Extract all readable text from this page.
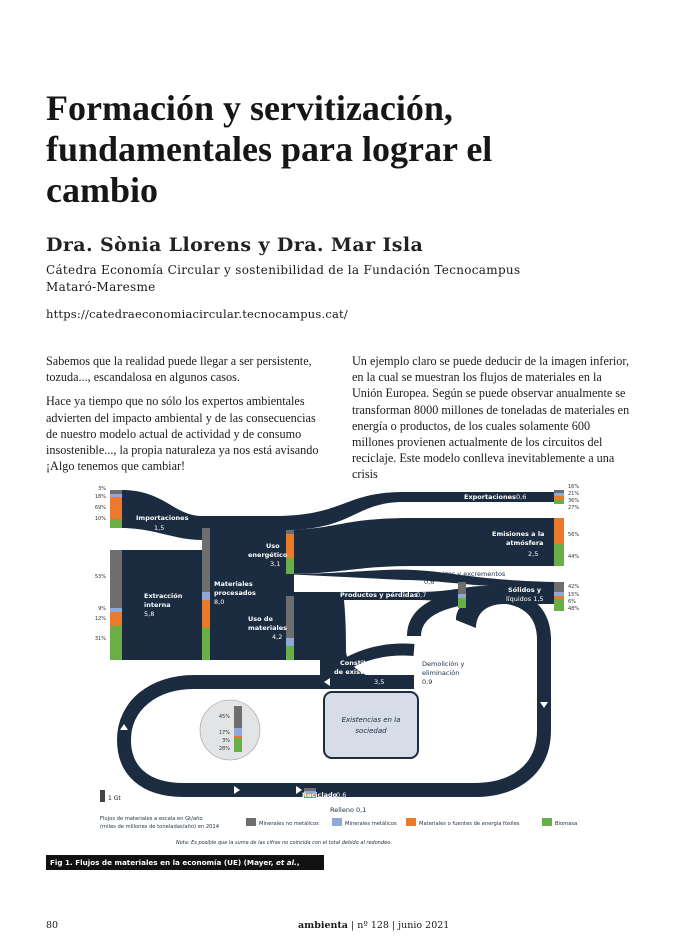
Formación y servitización, fundamentales para lograr el cambio
Dra. Sònia Llorens y Dra. Mar Isla

Cátedra Economía Circular y sostenibilidad de la Fundación Tecnocampus Mataró-Maresme

https://catedraeconomiacircular.tecnocampus.cat/

Sabemos que la realidad puede llegar a ser persistente, tozuda..., escandalosa en algunos casos.

Hace ya tiempo que no sólo los expertos ambientales advierten del impacto ambiental y de las consecuencias de nuestro modelo actual de actividad y de consumo insostenible..., la propia naturaleza ya nos está avisando ¡Algo tenemos que cambiar!

Un ejemplo claro se puede deducir de la imagen inferior, en la cual se muestran los flujos de materiales en la Unión Europea. Según se puede observar anualmente se transforman 8000 millones de toneladas de materiales en energía o productos, de los cuales solamente 600 millones provienen actualmente de los circuitos del reciclaje. Este modelo conlleva inevitablemente a una crisis

Existencias en la
sociedad
3%
18%
69%
10%
53%
9%
12%
31%
45%
17%
3%
28%
16%
21%
36%
27%
56%
44%
42%
15%
6%
48%
Importaciones
1,5
Extracción
interna
5,8
Materiales
procesados
8,0
Uso
energético
3,1
Uso de
materiales
4,2
Exportaciones 0,6
Emisiones a la
atmósfera
2,5
Sólidos y
líquidos 1,5
Constitución
de existencias
3,5
Productos y pérdidas
0,7
Reciclado
0,6
Residuos
2,2
Cenizas y excrementos
0,6
Demolición y
eliminación
0,9
Relleno 0,1
1 Gt
Flujos de materiales a escala en Gt/año
(miles de millones de toneladas/año) en 2014	Minerales no metálicos	Minerales metálicos	Materiales o fuentes de energía fósiles	Biomasa
Nota: Es posible que la suma de las cifras no coincida con el total debido al redondeo.
Fig 1. Flujos de materiales en la economía (UE) (Mayer, et al., 2014)
80	ambienta | nº 128 | junio 2021
